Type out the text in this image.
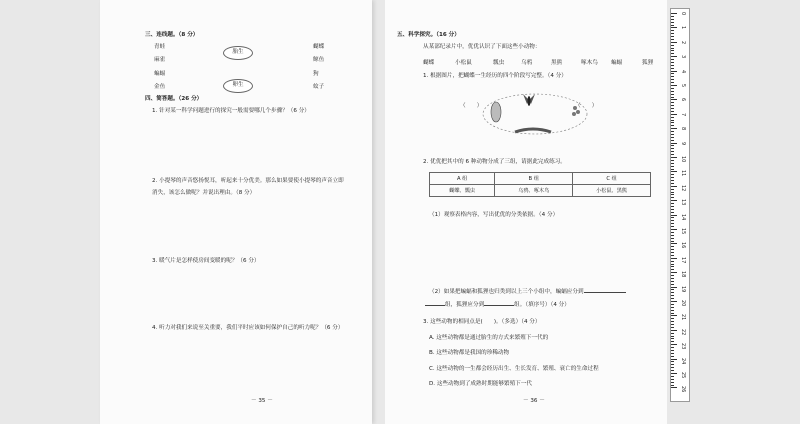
三、连线题。（8 分）
青蛙
麻雀
蝙蝠
金鱼
胎生
卵生
蝴蝶
鲸鱼
狗
蚊子
四、简答题。（26 分）
1. 针对某一科学问题进行的探究一般需要哪几个步骤？（6 分）
2. 小提琴的声音悠扬悦耳，听起来十分优美。那么如果要使小提琴的声音立即
消失，该怎么做呢？并说出理由。（8 分）
3. 暖气片是怎样使房间变暖的呢？（6 分）
4. 听力对我们来说至关重要，我们平时应该如何保护自己的听力呢？（6 分）
－ 35 －
五、科学探究。（16 分）
从某部纪录片中，优优认识了下面这些小动物：
蝴蝶	小松鼠	瓢虫	乌鸦	黑熊	啄木鸟 蝙蝠	狐狸
1. 根据图片，把蝴蝶一生经历的四个阶段写完整。（4 分）
（　　）	（　　）
2. 优优把其中的 6 种动物分成了三组，请据此完成练习。
A 组	B 组	C 组
蝴蝶、瓢虫	乌鸦、啄木鸟	小松鼠、黑熊
（1）观察表格内容，写出优优的分类依据。（4 分）
（2）如果把蝙蝠和狐狸也归类到以上三个小组中，蝙蝠应分到
组，狐狸应分到	组。（填序号）（4 分）
3. 这些动物的相同点是(　　)。（多选）（4 分）
A. 这些动物都是通过胎生的方式来繁殖下一代的
B. 这些动物都是我国的珍稀动物
C. 这些动物的一生都会经历出生、生长发育、繁殖、衰亡的生命过程
D. 这些动物到了成熟时期能够繁殖下一代
－ 36 －
0
1
2
3
4
5
6
7
8
9
10
11
12
13
14
15
16
17
18
19
20
21
22
23
24
25
26
